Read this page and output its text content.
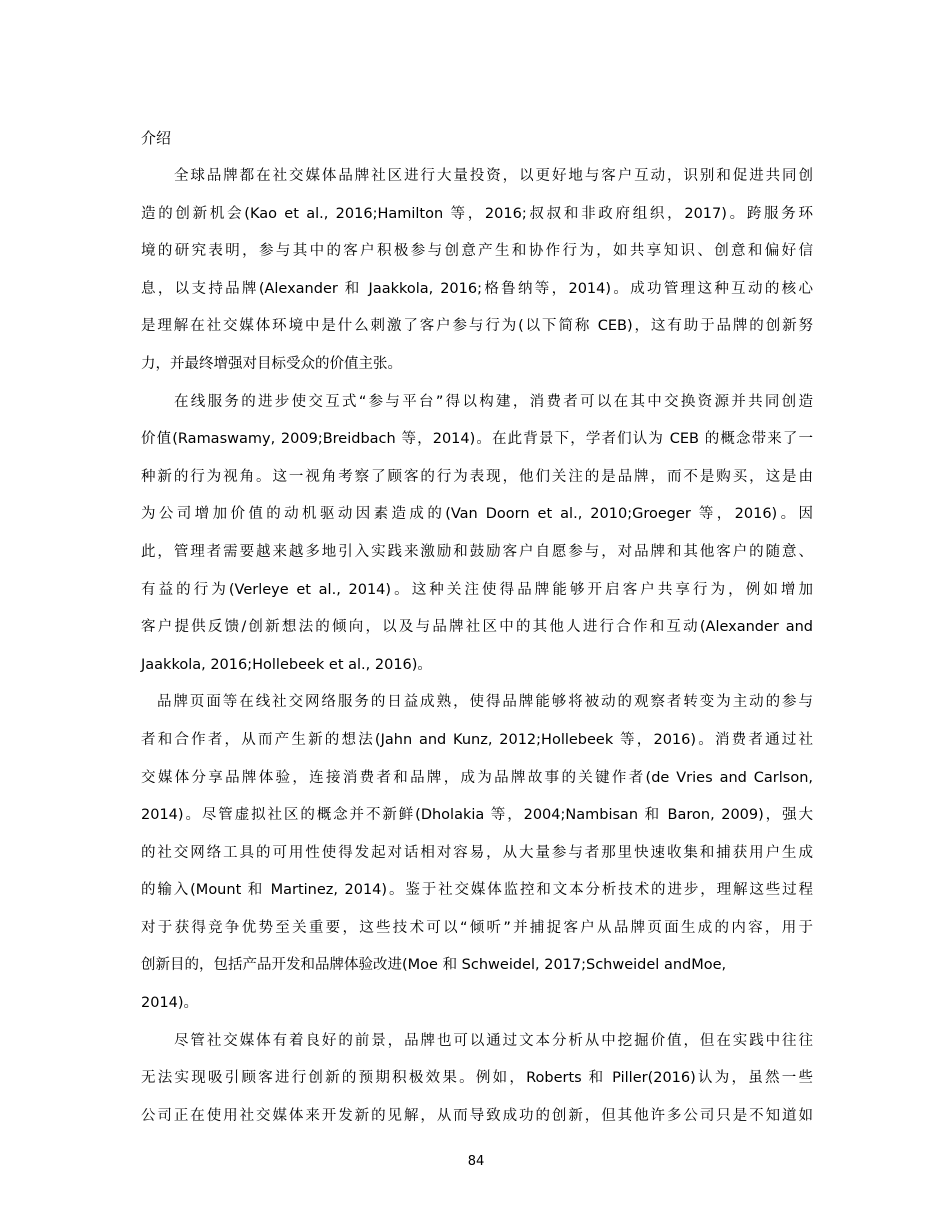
介绍
全球品牌都在社交媒体品牌社区进行大量投资，以更好地与客户互动，识别和促进共同创
造的创新机会(Kao et al., 2016;Hamilton 等，2016;叔叔和非政府组织，2017)。跨服务环
境的研究表明，参与其中的客户积极参与创意产生和协作行为，如共享知识、创意和偏好信
息，以支持品牌(Alexander 和 Jaakkola, 2016;格鲁纳等，2014)。成功管理这种互动的核心
是理解在社交媒体环境中是什么刺激了客户参与行为(以下简称 CEB)，这有助于品牌的创新努
力，并最终增强对目标受众的价值主张。
在线服务的进步使交互式“参与平台”得以构建，消费者可以在其中交换资源并共同创造
价值(Ramaswamy, 2009;Breidbach 等，2014)。在此背景下，学者们认为 CEB 的概念带来了一
种新的行为视角。这一视角考察了顾客的行为表现，他们关注的是品牌，而不是购买，这是由
为公司增加价值的动机驱动因素造成的(Van Doorn et al., 2010;Groeger 等，2016)。因
此，管理者需要越来越多地引入实践来激励和鼓励客户自愿参与，对品牌和其他客户的随意、
有益的行为(Verleye et al., 2014)。这种关注使得品牌能够开启客户共享行为，例如增加
客户提供反馈/创新想法的倾向，以及与品牌社区中的其他人进行合作和互动(Alexander and
Jaakkola, 2016;Hollebeek et al., 2016)。
品牌页面等在线社交网络服务的日益成熟，使得品牌能够将被动的观察者转变为主动的参与
者和合作者，从而产生新的想法(Jahn and Kunz, 2012;Hollebeek 等，2016)。消费者通过社
交媒体分享品牌体验，连接消费者和品牌，成为品牌故事的关键作者(de Vries and Carlson,
2014)。尽管虚拟社区的概念并不新鲜(Dholakia 等，2004;Nambisan 和 Baron, 2009)，强大
的社交网络工具的可用性使得发起对话相对容易，从大量参与者那里快速收集和捕获用户生成
的输入(Mount 和 Martinez, 2014)。鉴于社交媒体监控和文本分析技术的进步，理解这些过程
对于获得竞争优势至关重要，这些技术可以“倾听”并捕捉客户从品牌页面生成的内容，用于
创新目的，包括产品开发和品牌体验改进(Moe 和 Schweidel, 2017;Schweidel andMoe,
2014)。
尽管社交媒体有着良好的前景，品牌也可以通过文本分析从中挖掘价值，但在实践中往往
无法实现吸引顾客进行创新的预期积极效果。例如，Roberts 和 Piller(2016)认为，虽然一些
公司正在使用社交媒体来开发新的见解，从而导致成功的创新，但其他许多公司只是不知道如
84
